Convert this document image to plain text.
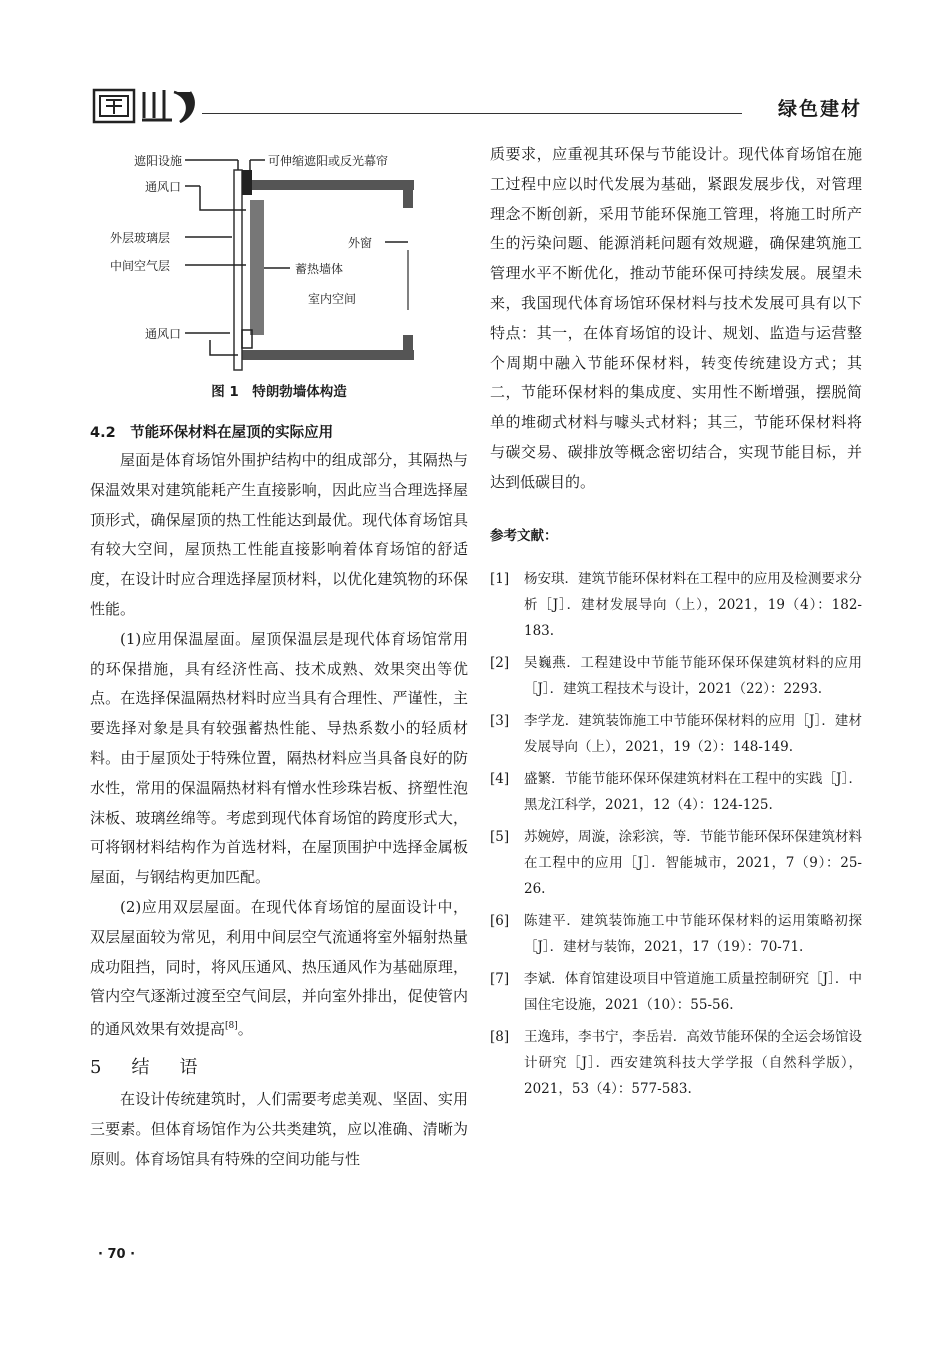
绿色建材
遮阳设施	可伸缩遮阳或反光幕帘
通风口
外层玻璃层
中间空气层
外窗
蓄热墙体
室内空间
通风口
图 1　特朗勃墙体构造
4.2　节能环保材料在屋顶的实际应用

屋面是体育场馆外围护结构中的组成部分，其隔热与保温效果对建筑能耗产生直接影响，因此应当合理选择屋顶形式，确保屋顶的热工性能达到最优。现代体育场馆具有较大空间，屋顶热工性能直接影响着体育场馆的舒适度，在设计时应合理选择屋顶材料，以优化建筑物的环保性能。

(1)应用保温屋面。屋顶保温层是现代体育场馆常用的环保措施，具有经济性高、技术成熟、效果突出等优点。在选择保温隔热材料时应当具有合理性、严谨性，主要选择对象是具有较强蓄热性能、导热系数小的轻质材料。由于屋顶处于特殊位置，隔热材料应当具备良好的防水性，常用的保温隔热材料有憎水性珍珠岩板、挤塑性泡沫板、玻璃丝绵等。考虑到现代体育场馆的跨度形式大，可将钢材料结构作为首选材料，在屋顶围护中选择金属板屋面，与钢结构更加匹配。

(2)应用双层屋面。在现代体育场馆的屋面设计中，双层屋面较为常见，利用中间层空气流通将室外辐射热量成功阻挡，同时，将风压通风、热压通风作为基础原理，管内空气逐渐过渡至空气间层，并向室外排出，促使管内的通风效果有效提高[8]。

5　结　语

在设计传统建筑时，人们需要考虑美观、坚固、实用三要素。但体育场馆作为公共类建筑，应以准确、清晰为原则。体育场馆具有特殊的空间功能与性

· 70 ·

质要求，应重视其环保与节能设计。现代体育场馆在施工过程中应以时代发展为基础，紧跟发展步伐，对管理理念不断创新，采用节能环保施工管理，将施工时所产生的污染问题、能源消耗问题有效规避，确保建筑施工管理水平不断优化，推动节能环保可持续发展。展望未来，我国现代体育场馆环保材料与技术发展可具有以下特点：其一，在体育场馆的设计、规划、监造与运营整个周期中融入节能环保材料，转变传统建设方式；其二，节能环保材料的集成度、实用性不断增强，摆脱简单的堆砌式材料与噱头式材料；其三，节能环保材料将与碳交易、碳排放等概念密切结合，实现节能目标，并达到低碳目的。

参考文献：
[1]	杨安琪．建筑节能环保材料在工程中的应用及检测要求分析［J］．建材发展导向（上），2021，19（4）：182-183.
[2]	吴巍燕．工程建设中节能节能环保环保建筑材料的应用［J］．建筑工程技术与设计，2021（22）：2293.
[3]	李学龙．建筑装饰施工中节能环保材料的应用［J］．建材发展导向（上），2021，19（2）：148-149.
[4]	盛繁．节能节能环保环保建筑材料在工程中的实践［J］．黑龙江科学，2021，12（4）：124-125.
[5]	苏婉婷，周漩，涂彩滨，等．节能节能环保环保建筑材料在工程中的应用［J］．智能城市，2021，7（9）：25-26.
[6]	陈建平．建筑装饰施工中节能环保材料的运用策略初探［J］．建材与装饰，2021，17（19）：70-71.
[7]	李斌．体育馆建设项目中管道施工质量控制研究［J］．中国住宅设施，2021（10）：55-56.
[8]	王逸玮，李书宁，李岳岩．高效节能环保的全运会场馆设计研究［J］．西安建筑科技大学学报（自然科学版），2021，53（4）：577-583.
